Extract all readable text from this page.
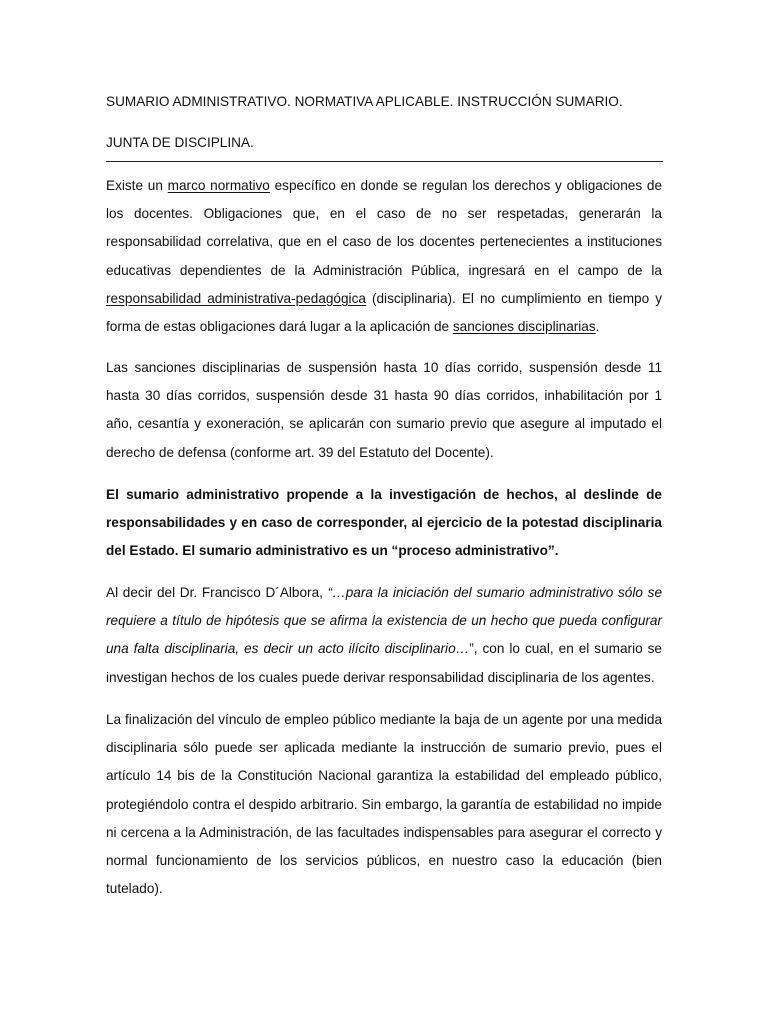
SUMARIO ADMINISTRATIVO. NORMATIVA APLICABLE. INSTRUCCIÓN SUMARIO.
JUNTA DE DISCIPLINA.

Existe un marco normativo específico en donde se regulan los derechos y obligaciones de los docentes. Obligaciones que, en el caso de no ser respetadas, generarán la responsabilidad correlativa, que en el caso de los docentes pertenecientes a instituciones educativas dependientes de la Administración Pública, ingresará en el campo de la responsabilidad administrativa-pedagógica (disciplinaria). El no cumplimiento en tiempo y forma de estas obligaciones dará lugar a la aplicación de sanciones disciplinarias.

Las sanciones disciplinarias de suspensión hasta 10 días corrido, suspensión desde 11 hasta 30 días corridos, suspensión desde 31 hasta 90 días corridos, inhabilitación por 1 año, cesantía y exoneración, se aplicarán con sumario previo que asegure al imputado el derecho de defensa (conforme art. 39 del Estatuto del Docente).

El sumario administrativo propende a la investigación de hechos, al deslinde de responsabilidades y en caso de corresponder, al ejercicio de la potestad disciplinaria del Estado. El sumario administrativo es un “proceso administrativo”.

Al decir del Dr. Francisco D´Albora, “…para la iniciación del sumario administrativo sólo se requiere a título de hipótesis que se afirma la existencia de un hecho que pueda configurar una falta disciplinaria, es decir un acto ilícito disciplinario…”, con lo cual, en el sumario se investigan hechos de los cuales puede derivar responsabilidad disciplinaria de los agentes.

La finalización del vínculo de empleo público mediante la baja de un agente por una medida disciplinaria sólo puede ser aplicada mediante la instrucción de sumario previo, pues el artículo 14 bis de la Constitución Nacional garantiza la estabilidad del empleado público, protegiéndolo contra el despido arbitrario. Sin embargo, la garantía de estabilidad no impide ni cercena a la Administración, de las facultades indispensables para asegurar el correcto y normal funcionamiento de los servicios públicos, en nuestro caso la educación (bien tutelado).
